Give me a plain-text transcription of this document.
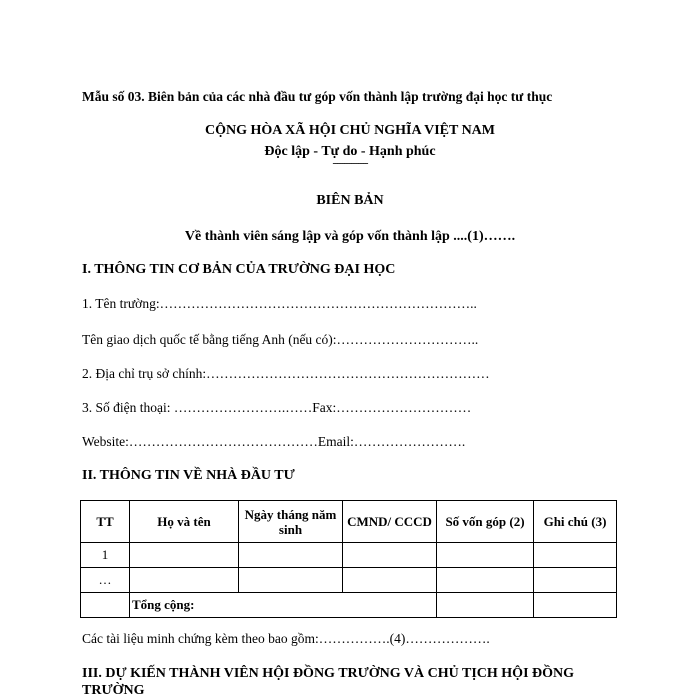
Mẫu số 03. Biên bản của các nhà đầu tư góp vốn thành lập trường đại học tư thục
CỘNG HÒA XÃ HỘI CHỦ NGHĨA VIỆT NAM
Độc lập - Tự do - Hạnh phúc
---------------
BIÊN BẢN
Về thành viên sáng lập và góp vốn thành lập ....(1)…….
I. THÔNG TIN CƠ BẢN CỦA TRƯỜNG ĐẠI HỌC
1. Tên trường:……………………………………………………………..
Tên giao dịch quốc tế bằng tiếng Anh (nếu có):…………………………..
2. Địa chỉ trụ sở chính:………………………………………………………
3. Số điện thoại: …………………….……Fax:…………………………
Website:……………………………………Email:…………………….
II. THÔNG TIN VỀ NHÀ ĐẦU TƯ
TT	Họ và tên	Ngày tháng năm sinh	CMND/ CCCD	Số vốn góp (2)	Ghi chú (3)
1					
…					
	Tổng cộng:				
Các tài liệu minh chứng kèm theo bao gồm:…………….(4)……………….
III. DỰ KIẾN THÀNH VIÊN HỘI ĐỒNG TRƯỜNG VÀ CHỦ TỊCH HỘI ĐỒNG
TRƯỜNG
